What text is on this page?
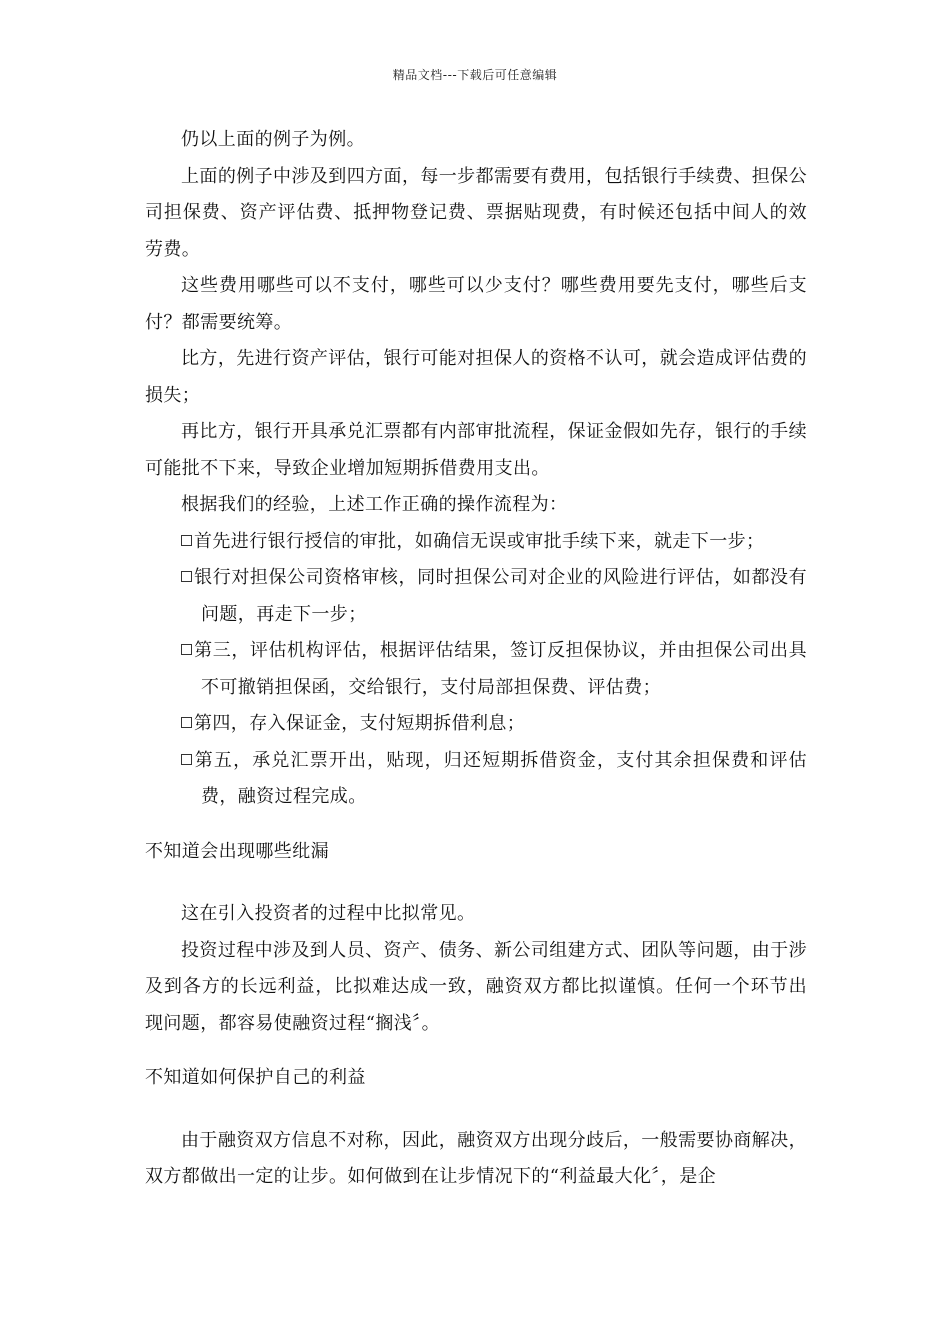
精品文档---下载后可任意编辑

仍以上面的例子为例。

上面的例子中涉及到四方面，每一步都需要有费用，包括银行手续费、担保公司担保费、资产评估费、抵押物登记费、票据贴现费，有时候还包括中间人的效劳费。

这些费用哪些可以不支付，哪些可以少支付？哪些费用要先支付，哪些后支付？都需要统筹。

比方，先进行资产评估，银行可能对担保人的资格不认可，就会造成评估费的损失；

再比方，银行开具承兑汇票都有内部审批流程，保证金假如先存，银行的手续可能批不下来，导致企业增加短期拆借费用支出。

根据我们的经验，上述工作正确的操作流程为：

首先进行银行授信的审批，如确信无误或审批手续下来，就走下一步；

银行对担保公司资格审核，同时担保公司对企业的风险进行评估，如都没有问题，再走下一步；

第三，评估机构评估，根据评估结果，签订反担保协议，并由担保公司出具不可撤销担保函，交给银行，支付局部担保费、评估费；

第四，存入保证金，支付短期拆借利息；

第五，承兑汇票开出，贴现，归还短期拆借资金，支付其余担保费和评估费，融资过程完成。

不知道会出现哪些纰漏

这在引入投资者的过程中比拟常见。

投资过程中涉及到人员、资产、债务、新公司组建方式、团队等问题，由于涉及到各方的长远利益，比拟难达成一致，融资双方都比拟谨慎。任何一个环节出现问题，都容易使融资过程“搁浅〞。

不知道如何保护自己的利益

由于融资双方信息不对称，因此，融资双方出现分歧后，一般需要协商解决，双方都做出一定的让步。如何做到在让步情况下的“利益最大化〞，是企
